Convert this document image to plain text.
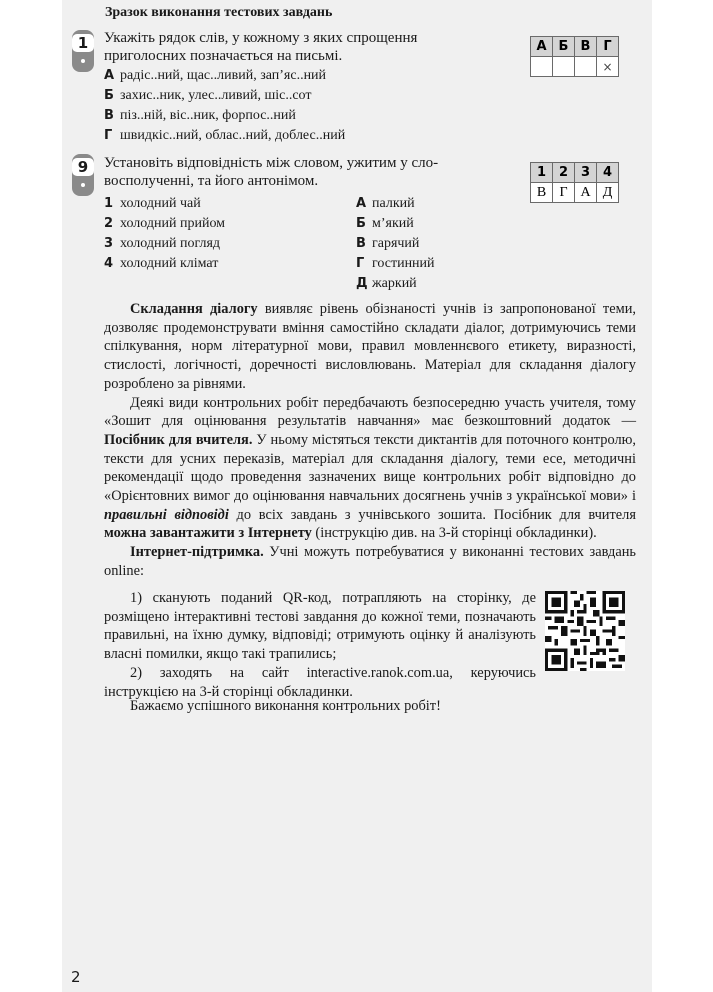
Зразок виконання тестових завдань
1	Укажіть рядок слів, у кожному з яких спрощення
приголосних позначається на письмі.
А радіс..ний, щас..ливий, зап’яс..ний
Б захис..ник, улес..ливий, шіс..сот
В піз..ній, віс..ник, форпос..ний
Г швидкіс..ний, облас..ний, доблес..ний
А	Б	В	Г
			×
9	Установіть відповідність між словом, ужитим у сло-
восполученні, та його антонімом.
1 холодний чай
2 холодний прийом
3 холодний погляд
4 холодний клімат
А палкий
Б м’який
В гарячий
Г гостинний
Д жаркий
1	2	3	4
В	Г	А	Д

Складання діалогу виявляє рівень обізнаності учнів із запропонованої теми, дозволяє продемонструвати вміння самостійно складати діалог, дотримуючись теми спілкування, норм літературної мови, правил мовленнєвого етикету, виразності, стислості, логічності, доречності висловлювань. Матеріал для складання діалогу розроблено за рівнями.

Деякі види контрольних робіт передбачають безпосередню участь учителя, тому «Зошит для оцінювання результатів навчання» має безкоштовний додаток — Посібник для вчителя. У ньому містяться тексти диктантів для поточного контролю, тексти для усних переказів, матеріал для складання діалогу, теми есе, методичні рекомендації щодо проведення зазначених вище контрольних робіт відповідно до «Орієнтовних вимог до оцінювання навчальних досягнень учнів з української мови» і правильні відповіді до всіх завдань з учнівського зошита. Посібник для вчителя можна завантажити з Інтернету (інструкцію див. на 3-й сторінці обкладинки).

Інтернет-підтримка. Учні можуть потребуватися у виконанні тестових завдань online:

1) сканують поданий QR-код, потрапляють на сторінку, де розміщено інтерактивні тестові завдання до кожної теми, позначають правильні, на їхню думку, відповіді; отримують оцінку й аналізують власні помилки, якщо такі трапились;

2) заходять на сайт interactive.ranok.com.ua, керуючись інструкцією на 3-й сторінці обкладинки.

Бажаємо успішного виконання контрольних робіт!

2
